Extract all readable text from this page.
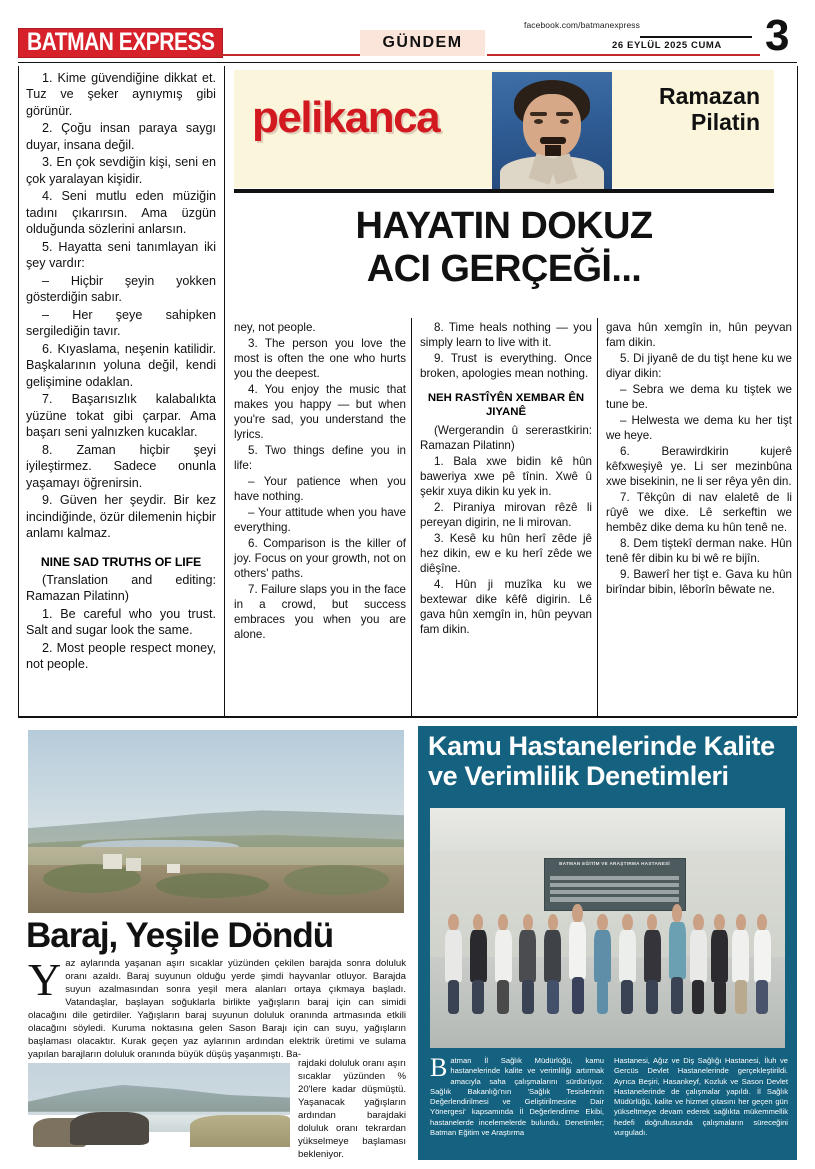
BATMAN EXPRESS	GÜNDEM
facebook.com/batmanexpress
26 EYLÜL 2025 CUMA 3

1. Kime güvendiğine dikkat et. Tuz ve şeker aynıymış gibi görünür.

2. Çoğu insan paraya saygı duyar, insana değil.

3. En çok sevdiğin kişi, seni en çok yaralayan kişidir.

4. Seni mutlu eden müziğin tadını çıkarırsın. Ama üzgün olduğunda sözlerini anlarsın.

5. Hayatta seni tanımlayan iki şey vardır:

– Hiçbir şeyin yokken gösterdiğin sabır.

– Her şeye sahipken sergilediğin tavır.

6. Kıyaslama, neşenin katilidir. Başkalarının yoluna değil, kendi gelişimine odaklan.

7. Başarısızlık kalabalıkta yüzüne tokat gibi çarpar. Ama başarı seni yalnızken kucaklar.

8. Zaman hiçbir şeyi iyileştirmez. Sadece onunla yaşamayı öğrenirsin.

9. Güven her şeydir. Bir kez incindiğinde, özür dilemenin hiçbir anlamı kalmaz.

NINE SAD TRUTHS OF LIFE

(Translation and editing: Ramazan Pilatinn)

1. Be careful who you trust. Salt and sugar look the same.

2. Most people respect money, not people.

pelikanca	Ramazan
Pilatin
HAYATIN DOKUZ
ACI GERÇEĞİ...

ney, not people.

3. The person you love the most is often the one who hurts you the deepest.

4. You enjoy the music that makes you happy — but when you're sad, you understand the lyrics.

5. Two things define you in life:

– Your patience when you have nothing.

– Your attitude when you have everything.

6. Comparison is the killer of joy. Focus on your growth, not on others' paths.

7. Failure slaps you in the face in a crowd, but success embraces you when you are alone.

8. Time heals nothing — you simply learn to live with it.

9. Trust is everything. Once broken, apologies mean nothing.

NEH RASTÎYÊN XEMBAR ÊN JIYANÊ

(Wergerandin û sererastkirin: Ramazan Pilatinn)

1. Bala xwe bidin kê hûn baweriya xwe pê tînin. Xwê û şekir xuya dikin ku yek in.

2. Piraniya mirovan rêzê li pereyan digirin, ne li mirovan.

3. Kesê ku hûn herî zêde jê hez dikin, ew e ku herî zêde we diêşîne.

4. Hûn ji muzîka ku we bextewar dike kêfê digirin. Lê gava hûn xemgîn in, hûn peyvan fam dikin.

gava hûn xemgîn in, hûn peyvan fam dikin.

5. Di jiyanê de du tişt hene ku we diyar dikin:

– Sebra we dema ku tiştek we tune be.

– Helwesta we dema ku her tişt we heye.

6. Berawirdkirin kujerê kêfxweşiyê ye. Li ser mezinbûna xwe bisekinin, ne li ser rêya yên din.

7. Têkçûn di nav elaletê de li rûyê we dixe. Lê serkeftin we hembêz dike dema ku hûn tenê ne.

8. Dem tiştekî derman nake. Hûn tenê fêr dibin ku bi wê re bijîn.

9. Bawerî her tişt e. Gava ku hûn birîndar bibin, lêborîn bêwate ne.

Baraj, Yeşile Döndü

Yaz aylarında yaşanan aşırı sıcaklar yüzünden çekilen barajda sonra doluluk oranı azaldı. Baraj suyunun olduğu yerde şimdi hayvanlar otluyor. Barajda suyun azalmasından sonra yeşil mera alanları ortaya çıkmaya başladı. Vatandaşlar, başlayan soğuklarla birlikte yağışların baraj için can simidi olacağını dile getirdiler. Yağışların baraj suyunun doluluk oranında artmasında etkili olacağını söyledi. Kuruma noktasına gelen Sason Barajı için can suyu, yağışların başlaması olacaktır. Kurak geçen yaz aylarının ardından elektrik üretimi ve sulama yapılan barajların doluluk oranında büyük düşüş yaşanmıştı. Ba-

rajdaki doluluk oranı aşırı sıcaklar yüzünden % 20'lere kadar düşmüştü. Yaşanacak yağışların ardından barajdaki doluluk oranı tekrardan yükselmeye başlaması bekleniyor.
Kamu Hastanelerinde Kalite
ve Verimlilik Denetimleri
BATMAN EĞİTİM VE ARAŞTIRMA HASTANESİ
Batman İl Sağlık Müdürlüğü, kamu hastanelerinde kalite ve verimliliği artırmak amacıyla saha çalışmalarını sürdürüyor. Sağlık Bakanlığı'nın 'Sağlık Tesislerinin Değerlendirilmesi ve Geliştirilmesine Dair Yönergesi' kapsamında İl Değerlendirme Ekibi, hastanelerde incelemelerde bulundu. Denetimler; Batman Eğitim ve Araştırma
Hastanesi, Ağız ve Diş Sağlığı Hastanesi, İluh ve Gercüs Devlet Hastanelerinde gerçekleştirildi. Ayrıca Beşiri, Hasankeyf, Kozluk ve Sason Devlet Hastanelerinde de çalışmalar yapıldı. İl Sağlık Müdürlüğü, kalite ve hizmet çıtasını her geçen gün yükseltmeye devam ederek sağlıkta mükemmellik hedefi doğrultusunda çalışmaların süreceğini vurguladı.
